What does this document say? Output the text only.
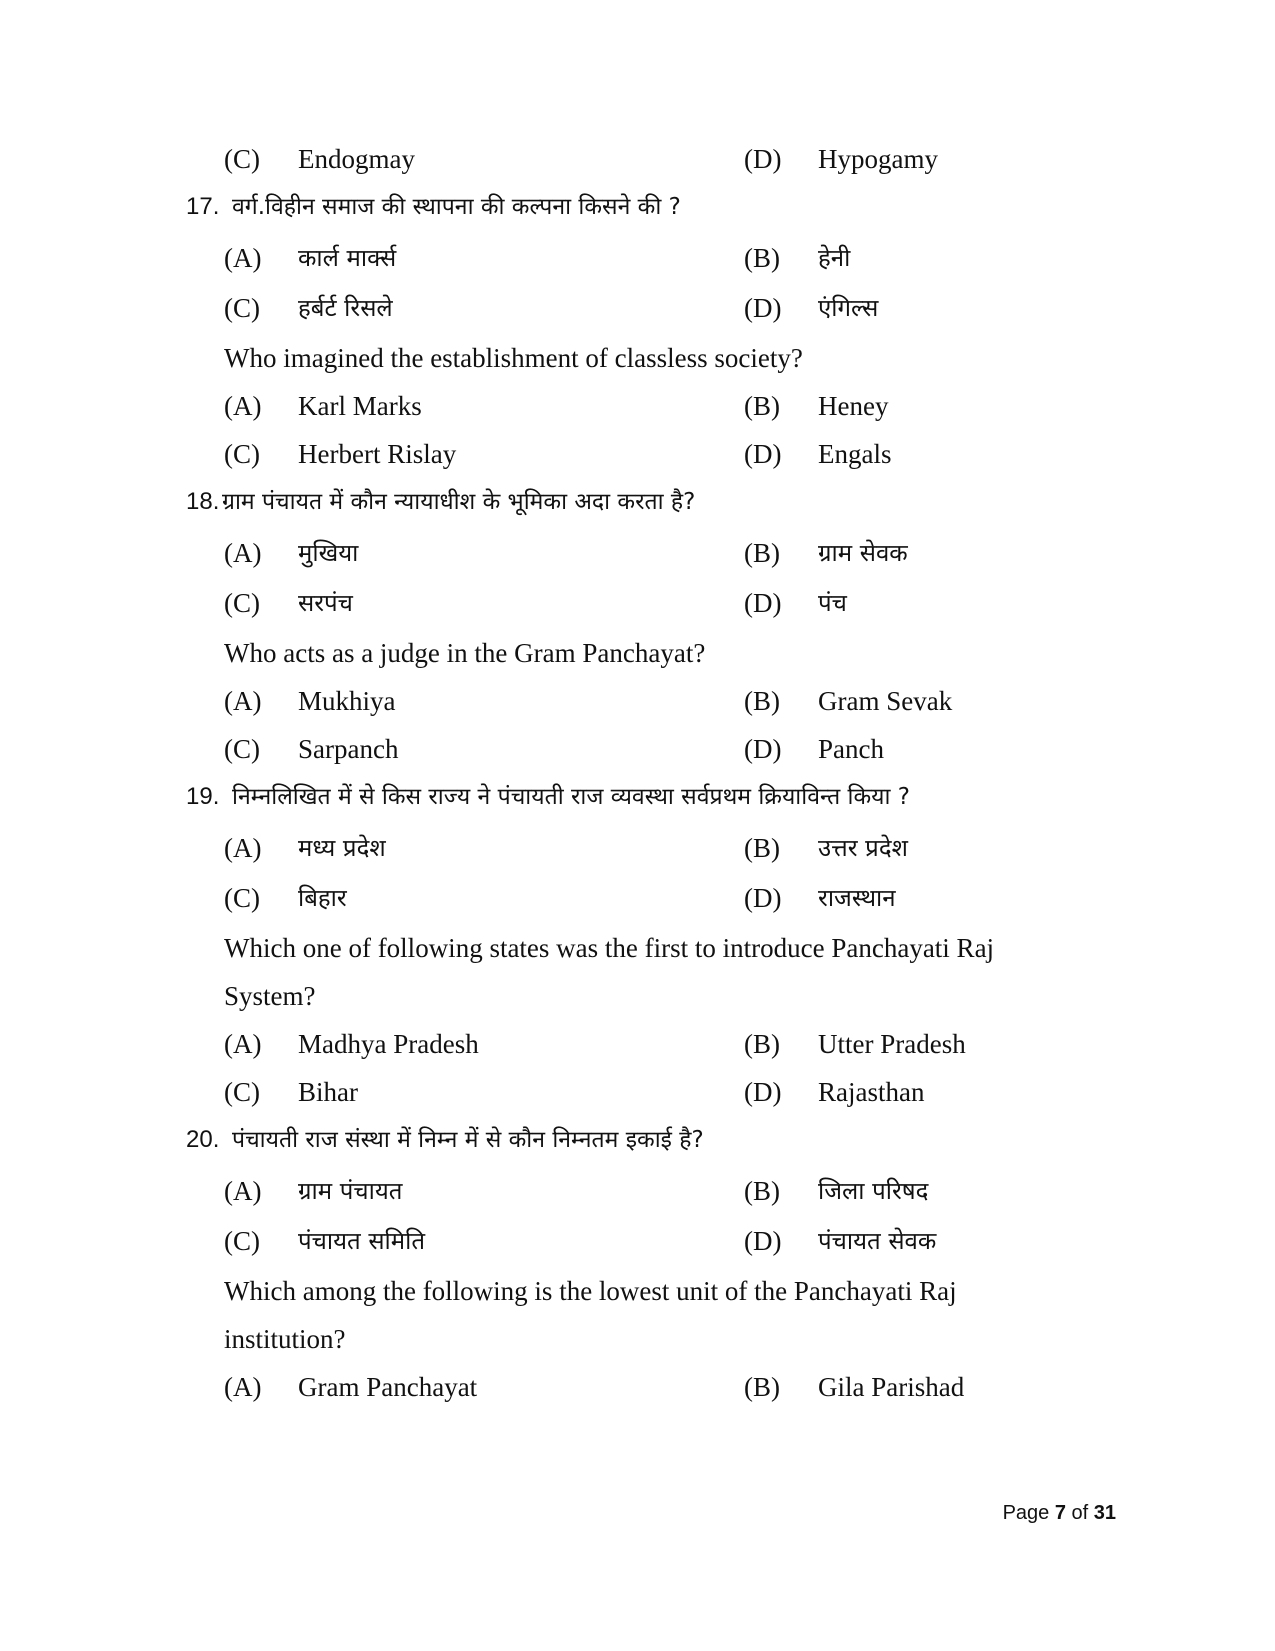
(C) Endogmay	(D) Hypogamy
17. वर्ग.विहीन समाज की स्थापना की कल्पना किसने की ?
(A) कार्ल मार्क्स	(B) हेनी
(C) हर्बर्ट रिसले	(D) एंगिल्स
Who imagined the establishment of classless society?
(A) Karl Marks	(B) Heney
(C) Herbert Rislay	(D) Engals
18. ग्राम पंचायत में कौन न्यायाधीश के भूमिका अदा करता है?
(A) मुखिया	(B) ग्राम सेवक
(C) सरपंच	(D) पंच
Who acts as a judge in the Gram Panchayat?
(A) Mukhiya	(B) Gram Sevak
(C) Sarpanch	(D) Panch
19. निम्नलिखित में से किस राज्य ने पंचायती राज व्यवस्था सर्वप्रथम क्रियाविन्त किया ?
(A) मध्य प्रदेश	(B) उत्तर प्रदेश
(C) बिहार	(D) राजस्थान
Which one of following states was the first to introduce Panchayati Raj
System?
(A) Madhya Pradesh	(B) Utter Pradesh
(C) Bihar	(D) Rajasthan
20. पंचायती राज संस्था में निम्न में से कौन निम्नतम इकाई है?
(A) ग्राम पंचायत	(B) जिला परिषद
(C) पंचायत समिति	(D) पंचायत सेवक
Which among the following is the lowest unit of the Panchayati Raj
institution?
(A) Gram Panchayat	(B) Gila Parishad
Page 7 of 31
